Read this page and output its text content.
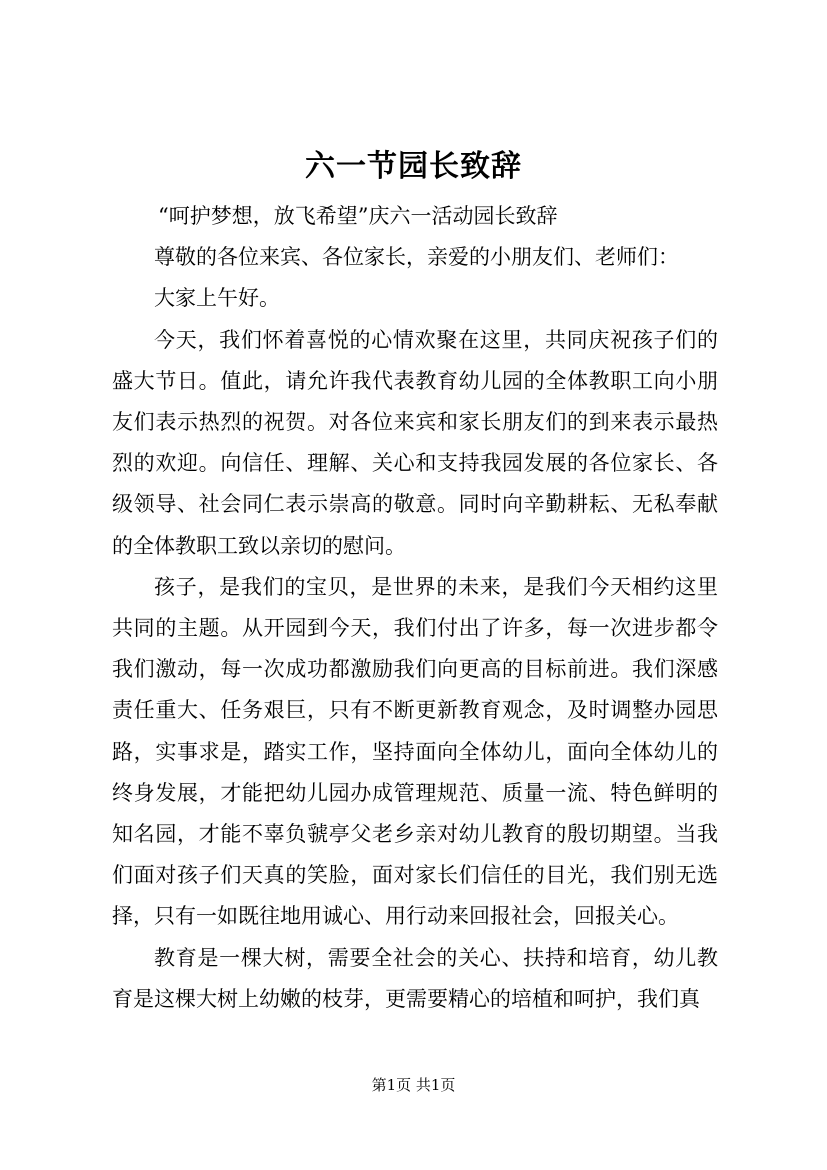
六一节园长致辞

“呵护梦想，放飞希望”庆六一活动园长致辞

尊敬的各位来宾、各位家长，亲爱的小朋友们、老师们：

大家上午好。

今天，我们怀着喜悦的心情欢聚在这里，共同庆祝孩子们的盛大节日。值此，请允许我代表教育幼儿园的全体教职工向小朋友们表示热烈的祝贺。对各位来宾和家长朋友们的到来表示最热烈的欢迎。向信任、理解、关心和支持我园发展的各位家长、各级领导、社会同仁表示崇高的敬意。同时向辛勤耕耘、无私奉献的全体教职工致以亲切的慰问。

孩子，是我们的宝贝，是世界的未来，是我们今天相约这里共同的主题。从开园到今天，我们付出了许多，每一次进步都令我们激动，每一次成功都激励我们向更高的目标前进。我们深感责任重大、任务艰巨，只有不断更新教育观念，及时调整办园思路，实事求是，踏实工作，坚持面向全体幼儿，面向全体幼儿的终身发展，才能把幼儿园办成管理规范、质量一流、特色鲜明的知名园，才能不辜负虢亭父老乡亲对幼儿教育的殷切期望。当我们面对孩子们天真的笑脸，面对家长们信任的目光，我们别无选择，只有一如既往地用诚心、用行动来回报社会，回报关心。

教育是一棵大树，需要全社会的关心、扶持和培育，幼儿教育是这棵大树上幼嫩的枝芽，更需要精心的培植和呵护，我们真

第1页 共1页
